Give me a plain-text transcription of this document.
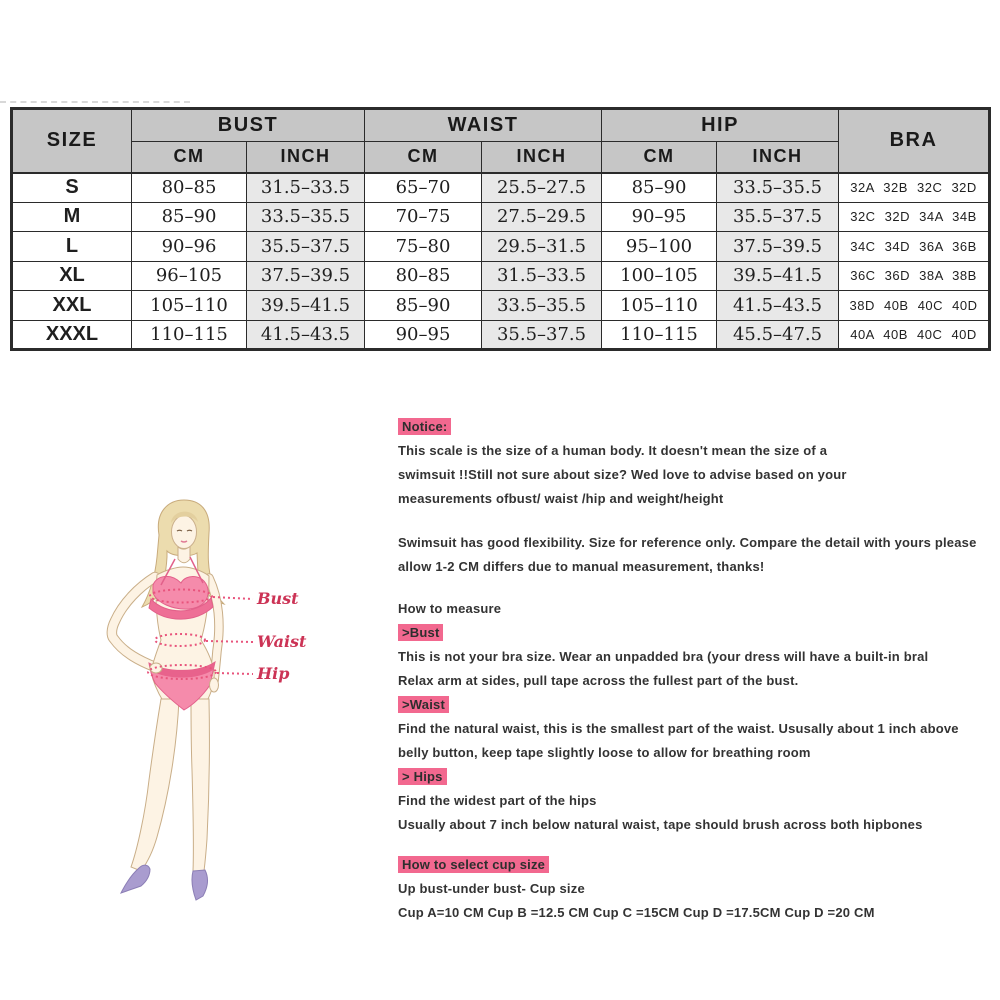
SIZE	BUST		WAIST		HIP		BRA
	CM	INCH	CM	INCH	CM	INCH	
S	80–85	31.5–33.5	65–70	25.5–27.5	85–90	33.5–35.5	32A 32B 32C 32D
M	85–90	33.5–35.5	70–75	27.5–29.5	90–95	35.5–37.5	32C 32D 34A 34B
L	90–96	35.5–37.5	75–80	29.5–31.5	95–100	37.5–39.5	34C 34D 36A 36B
XL	96–105	37.5–39.5	80–85	31.5–33.5	100–105	39.5–41.5	36C 36D 38A 38B
XXL	105–110	39.5–41.5	85–90	33.5–35.5	105–110	41.5–43.5	38D 40B 40C 40D
XXXL	110–115	41.5–43.5	90–95	35.5–37.5	110–115	45.5–47.5	40A 40B 40C 40D
Bust
Waist
Hip
Notice:
This scale is the size of a human body. It doesn't mean the size of a
swimsuit !!Still not sure about size? Wed love to advise based on your
measurements ofbust/ waist /hip and weight/height
Swimsuit has good flexibility. Size for reference only. Compare the detail with yours please
allow 1-2 CM differs due to manual measurement, thanks!
How to measure
>Bust
This is not your bra size. Wear an unpadded bra (your dress will have a built-in bral
Relax arm at sides, pull tape across the fullest part of the bust.
>Waist
Find the natural waist, this is the smallest part of the waist. Ususally about 1 inch above
belly button, keep tape slightly loose to allow for breathing room
> Hips
Find the widest part of the hips
Usually about 7 inch below natural waist, tape should brush across both hipbones
How to select cup size
Up bust-under bust- Cup size
Cup A=10 CM Cup B =12.5 CM Cup C =15CM Cup D =17.5CM Cup D =20 CM
